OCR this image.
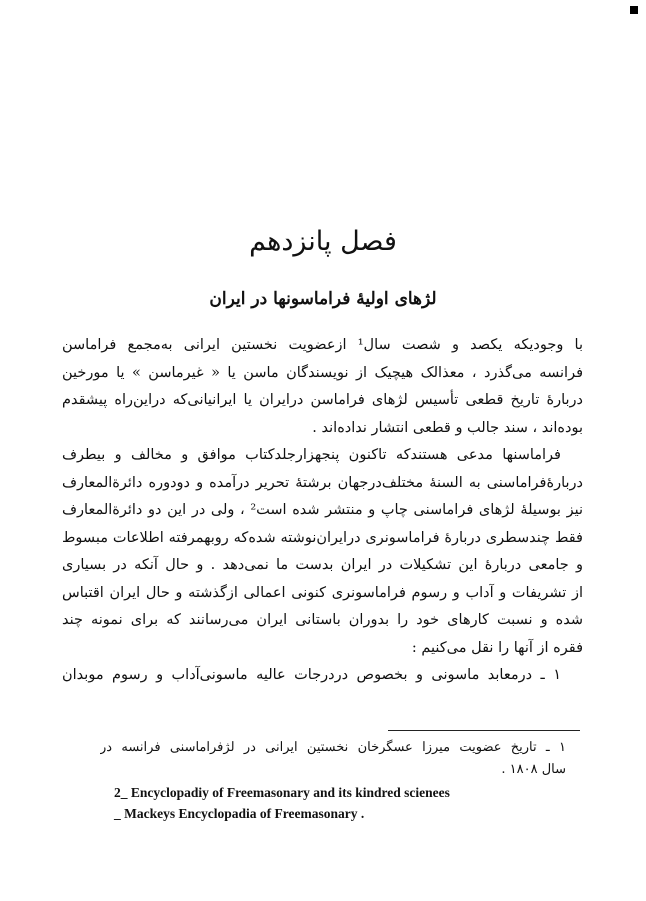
فصل پانزدهم
لژهای اولیهٔ فراماسونها در ایران
با وجودیکه یکصد و شصت سال¹ ازعضویت نخستین ایرانی به‌مجمع فراماسن
فرانسه می‌گذرد ، معذالک هیچیک از نویسندگان ماسن یا « غیرماسن » یا مورخین
دربارهٔ تاریخ قطعی تأسیس لژهای فراماسن درایران یا ایرانیانی‌که دراین‌راه پیشقدم
بوده‌اند ، سند جالب و قطعی انتشار نداده‌اند .
فراماسنها مدعی هستندکه تاکنون پنجهزارجلدکتاب موافق و مخالف و بیطرف
دربارهٔ‌فراماسنی به السنهٔ مختلف‌درجهان برشتهٔ تحریر درآمده و دودوره دائرةالمعارف
نیز بوسیلهٔ لژهای فراماسنی چاپ و منتشر شده است² ، ولی در این دو دائرة‌المعارف
فقط چندسطری دربارهٔ فراماسونری در‌ایران‌نوشته شده‌که روبهمرفته اطلاعات مبسوط
و جامعی دربارهٔ این تشکیلات در ایران بدست ما نمی‌دهد . و حال آنکه در بسیاری
از تشریفات و آداب و رسوم فراماسونری کنونی اعمالی ازگذشته و حال ایران اقتباس
شده و نسبت کارهای خود را بدوران باستانی ایران می‌رسانند که برای نمونه چند
فقره از آنها را نقل می‌کنیم :
۱ ـ درمعابد ماسونی و بخصوص دردرجات عالیه ماسونی‌آداب و رسوم موبدان
۱ ـ تاریخ عضویت میرزا عسگرخان نخستین ایرانی در لژفراماسنی فرانسه در
سال ۱۸۰۸ .
2_ Encyclopadiy of Freemasonary and its kindred scienees
_ Mackeys Encyclopadia of Freemasonary .
